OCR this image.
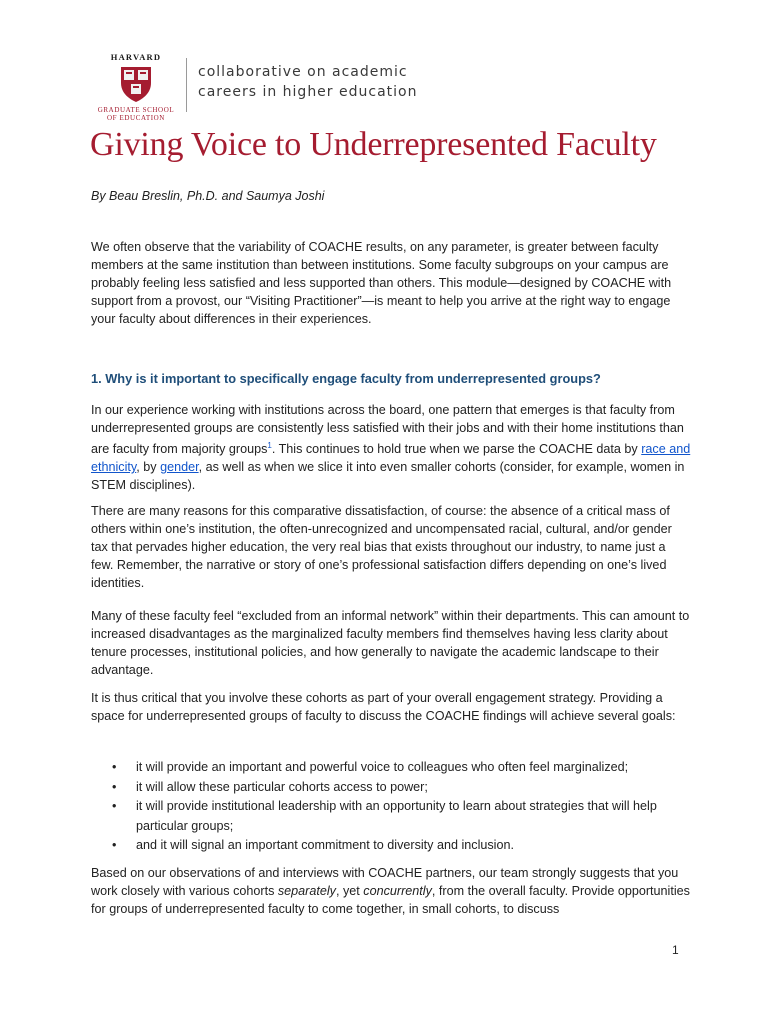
HARVARD
GRADUATE SCHOOL
OF EDUCATION
collaborative on academic
careers in higher education
Giving Voice to Underrepresented Faculty
By Beau Breslin, Ph.D. and Saumya Joshi

We often observe that the variability of COACHE results, on any parameter, is greater between faculty members at the same institution than between institutions. Some faculty subgroups on your campus are probably feeling less satisfied and less supported than others. This module—designed by COACHE with support from a provost, our “Visiting Practitioner”—is meant to help you arrive at the right way to engage your faculty about differences in their experiences.

1. Why is it important to specifically engage faculty from underrepresented groups?

In our experience working with institutions across the board, one pattern that emerges is that faculty from underrepresented groups are consistently less satisfied with their jobs and with their home institutions than are faculty from majority groups$^1$. This continues to hold true when we parse the COACHE data by race and ethnicity, by gender, as well as when we slice it into even smaller cohorts (consider, for example, women in STEM disciplines).

There are many reasons for this comparative dissatisfaction, of course: the absence of a critical mass of others within one’s institution, the often-unrecognized and uncompensated racial, cultural, and/or gender tax that pervades higher education, the very real bias that exists throughout our industry, to name just a few. Remember, the narrative or story of one’s professional satisfaction differs depending on one’s lived identities.

Many of these faculty feel “excluded from an informal network” within their departments. This can amount to increased disadvantages as the marginalized faculty members find themselves having less clarity about tenure processes, institutional policies, and how generally to navigate the academic landscape to their advantage.

It is thus critical that you involve these cohorts as part of your overall engagement strategy. Providing a space for underrepresented groups of faculty to discuss the COACHE findings will achieve several goals:

• it will provide an important and powerful voice to colleagues who often feel marginalized;
• it will allow these particular cohorts access to power;
• it will provide institutional leadership with an opportunity to learn about strategies that will help particular groups;
• and it will signal an important commitment to diversity and inclusion.

Based on our observations of and interviews with COACHE partners, our team strongly suggests that you work closely with various cohorts separately, yet concurrently, from the overall faculty. Provide opportunities for groups of underrepresented faculty to come together, in small cohorts, to discuss

1
